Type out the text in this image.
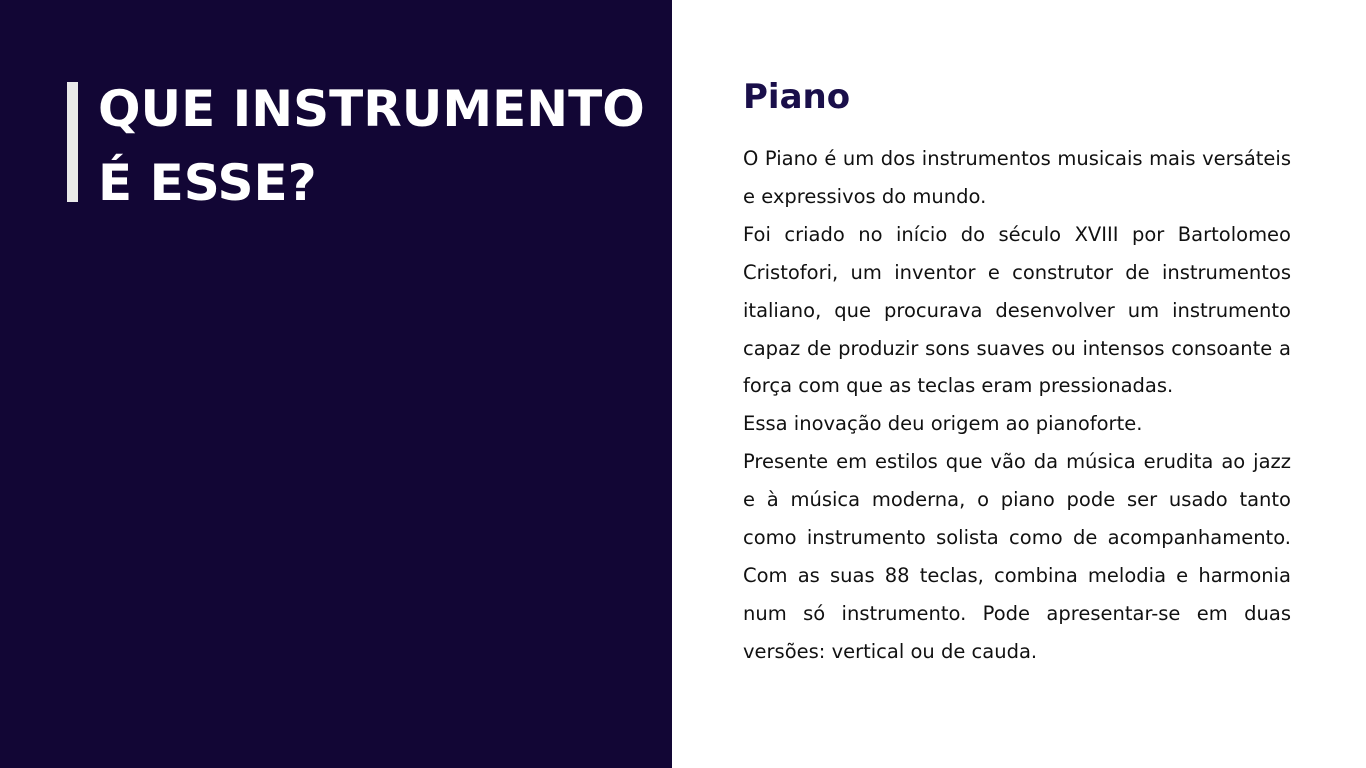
QUE INSTRUMENTO
É ESSE?
Piano

O Piano é um dos instrumentos musicais mais versáteis e expressivos do mundo.

Foi criado no início do século XVIII por Bartolomeo Cristofori, um inventor e construtor de instrumentos italiano, que procurava desenvolver um instrumento capaz de produzir sons suaves ou intensos consoante a força com que as teclas eram pressionadas.

Essa inovação deu origem ao pianoforte.

Presente em estilos que vão da música erudita ao jazz e à música moderna, o piano pode ser usado tanto como instrumento solista como de acompanhamento. Com as suas 88 teclas, combina melodia e harmonia num só instrumento. Pode apresentar-se em duas versões: vertical ou de cauda.
